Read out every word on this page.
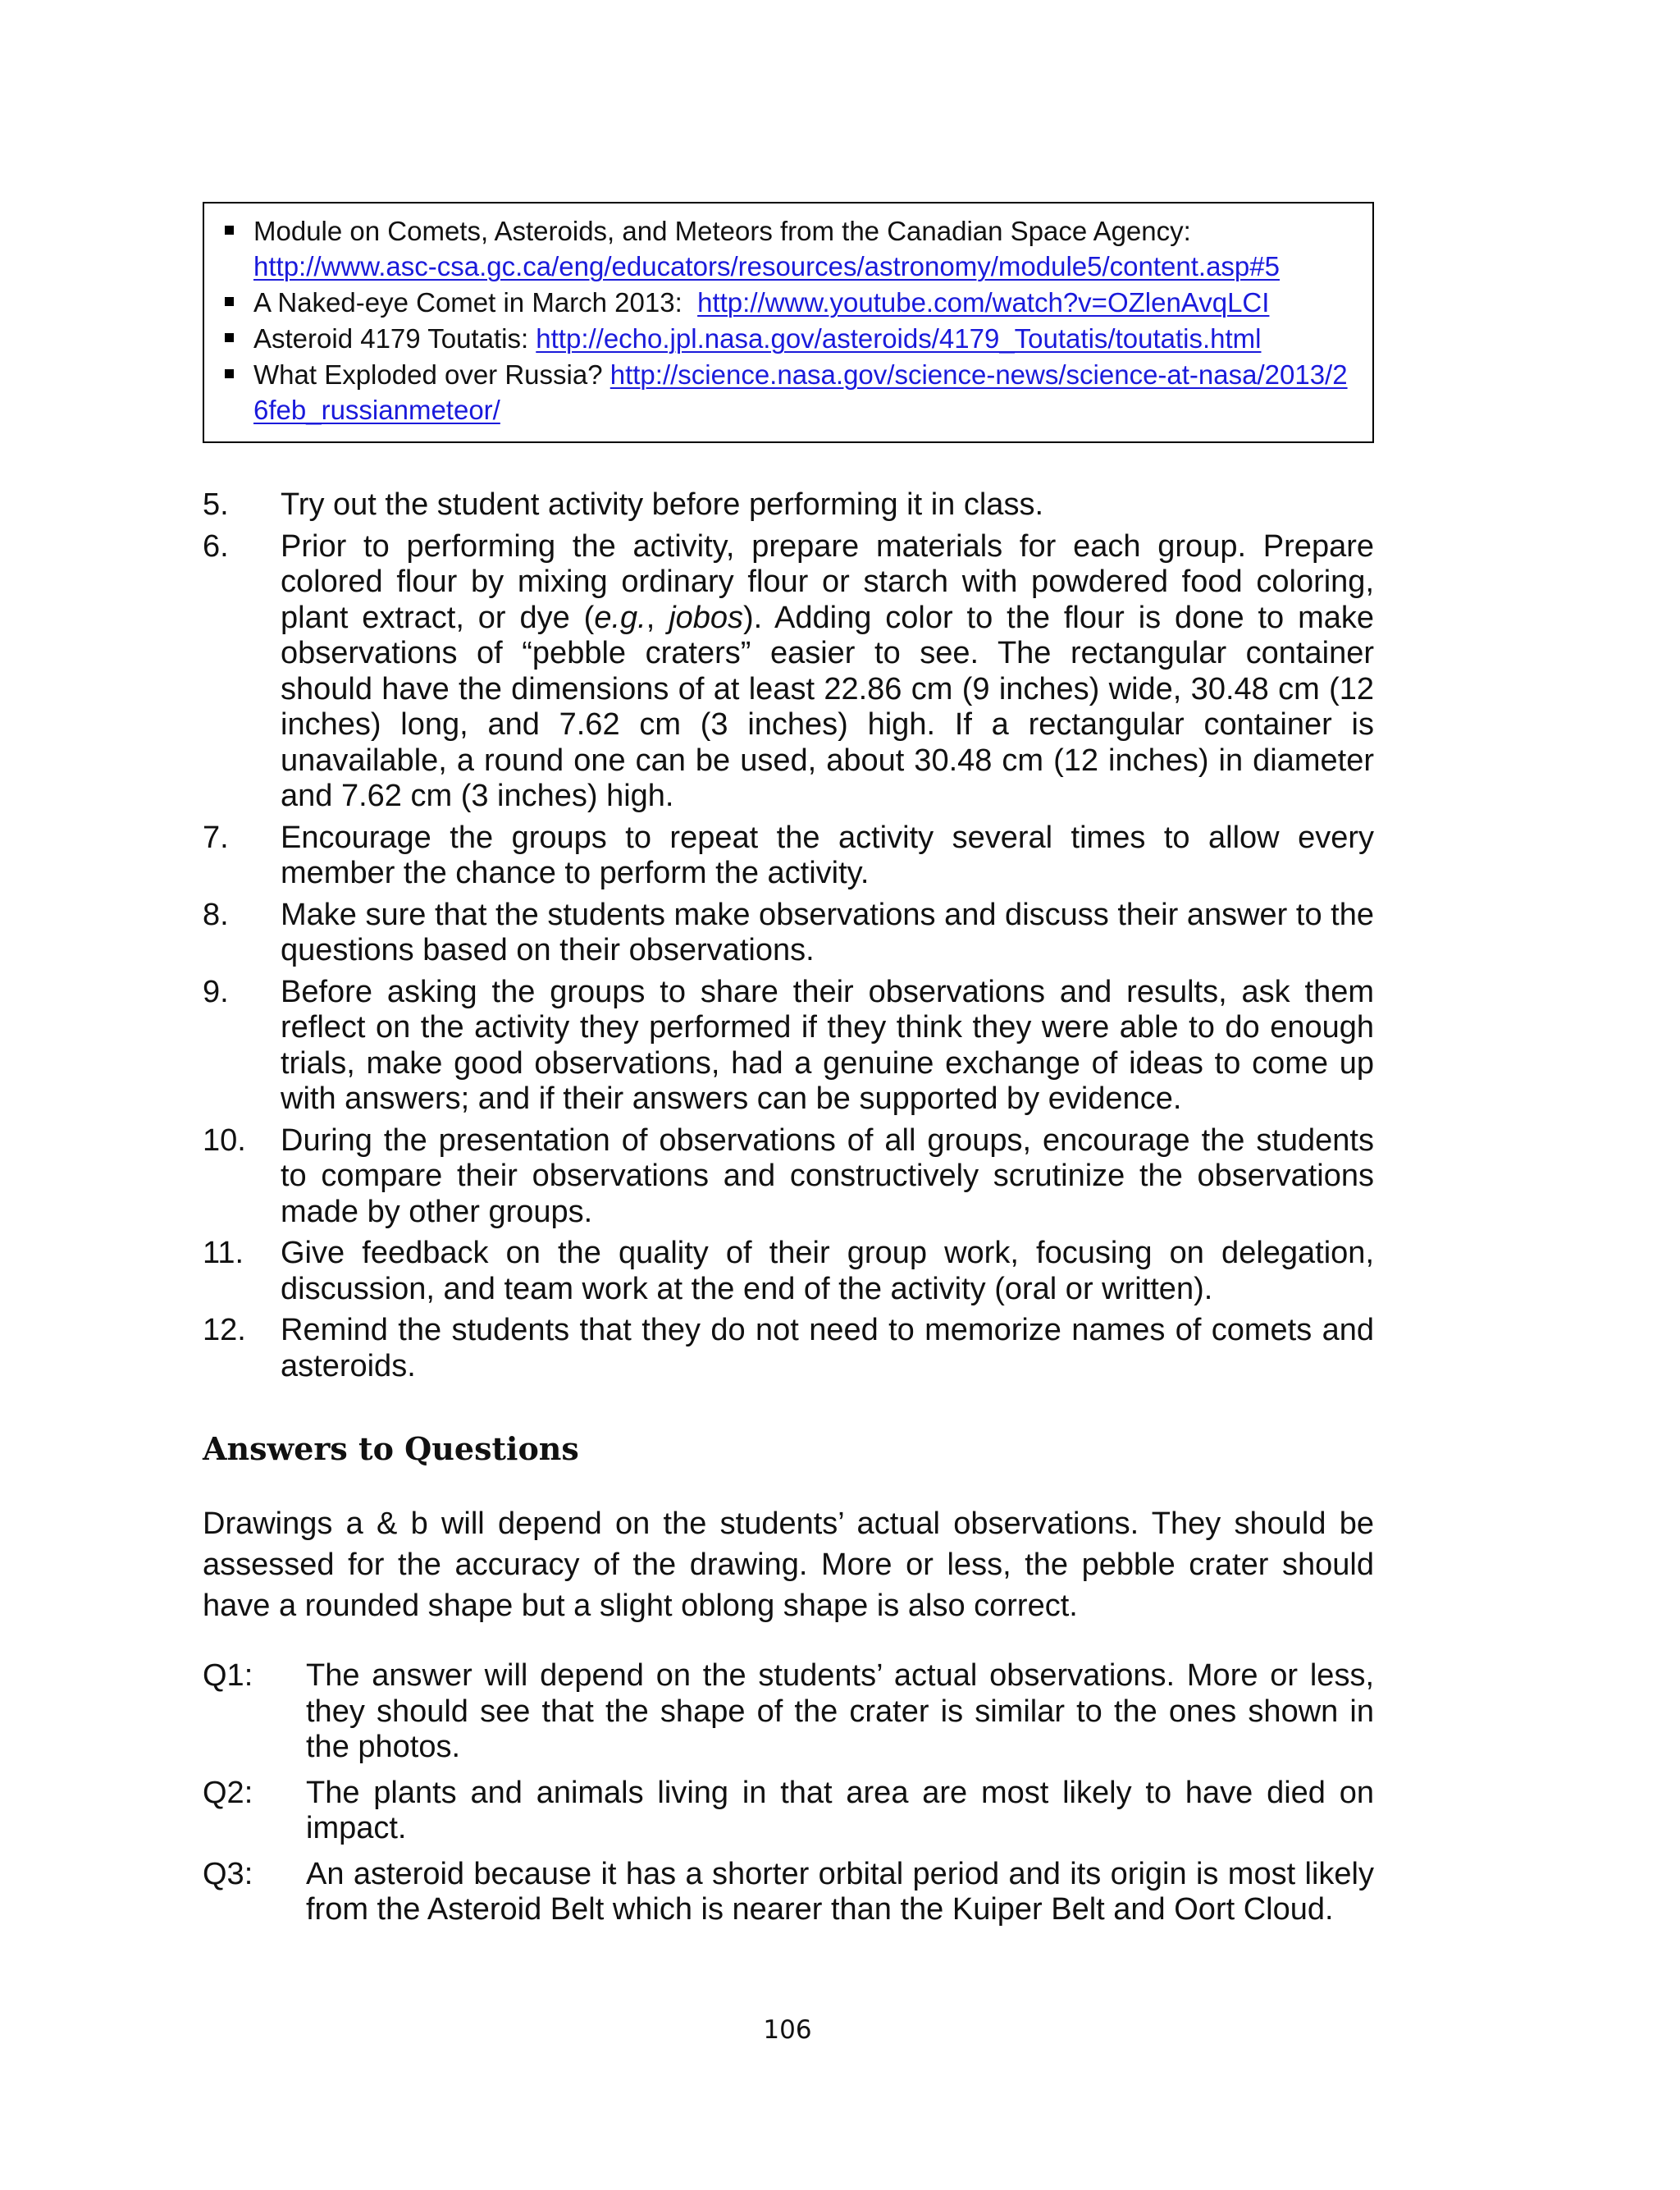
Module on Comets, Asteroids, and Meteors from the Canadian Space Agency:
http://www.asc-csa.gc.ca/eng/educators/resources/astronomy/module5/content.asp#5
A Naked-eye Comet in March 2013: http://www.youtube.com/watch?v=OZlenAvqLCI
Asteroid 4179 Toutatis: http://echo.jpl.nasa.gov/asteroids/4179_Toutatis/toutatis.html
What Exploded over Russia? http://science.nasa.gov/science-news/science-at-nasa/2013/26feb_russianmeteor/
5. Try out the student activity before performing it in class.
6. Prior to performing the activity, prepare materials for each group. Prepare colored flour by mixing ordinary flour or starch with powdered food coloring, plant extract, or dye (e.g., jobos). Adding color to the flour is done to make observations of “pebble craters” easier to see. The rectangular container should have the dimensions of at least 22.86 cm (9 inches) wide, 30.48 cm (12 inches) long, and 7.62 cm (3 inches) high. If a rectangular container is unavailable, a round one can be used, about 30.48 cm (12 inches) in diameter and 7.62 cm (3 inches) high.
7. Encourage the groups to repeat the activity several times to allow every member the chance to perform the activity.
8. Make sure that the students make observations and discuss their answer to the questions based on their observations.
9. Before asking the groups to share their observations and results, ask them reflect on the activity they performed if they think they were able to do enough trials, make good observations, had a genuine exchange of ideas to come up with answers; and if their answers can be supported by evidence.
10. During the presentation of observations of all groups, encourage the students to compare their observations and constructively scrutinize the observations made by other groups.
11. Give feedback on the quality of their group work, focusing on delegation, discussion, and team work at the end of the activity (oral or written).
12. Remind the students that they do not need to memorize names of comets and asteroids.
Answers to Questions
Drawings a & b will depend on the students’ actual observations. They should be assessed for the accuracy of the drawing. More or less, the pebble crater should have a rounded shape but a slight oblong shape is also correct.
Q1: The answer will depend on the students’ actual observations. More or less, they should see that the shape of the crater is similar to the ones shown in the photos.
Q2: The plants and animals living in that area are most likely to have died on impact.
Q3: An asteroid because it has a shorter orbital period and its origin is most likely from the Asteroid Belt which is nearer than the Kuiper Belt and Oort Cloud.
106
